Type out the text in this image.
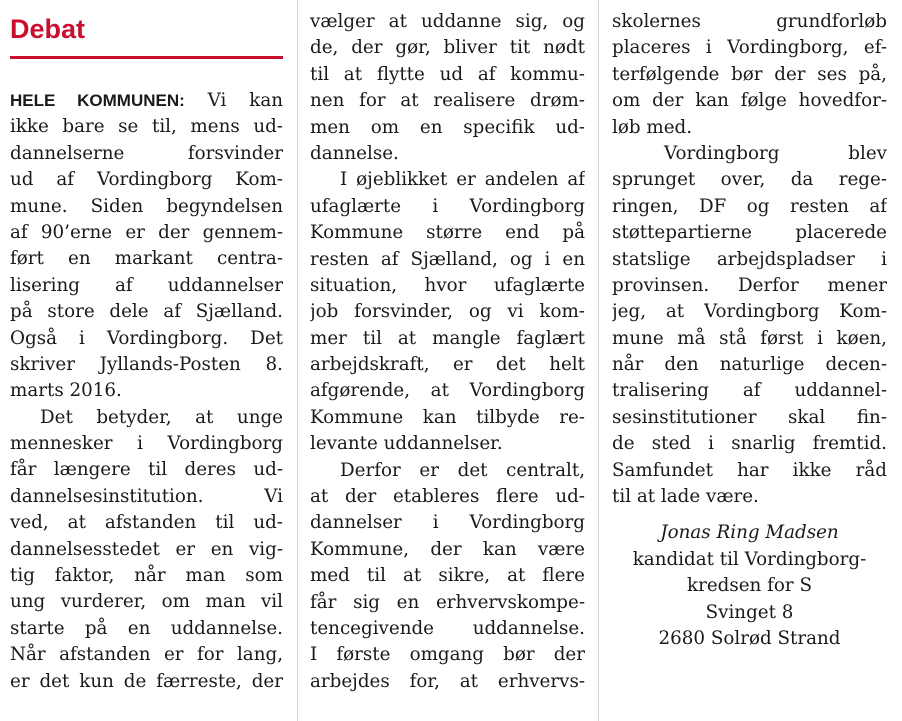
Debat
HELE KOMMUNEN: Vi kan
ikke bare se til, mens ud-
dannelserne forsvinder
ud af Vordingborg Kom-
mune. Siden begyndelsen
af 90’erne er der gennem-
ført en markant centra-
lisering af uddannelser
på store dele af Sjælland.
Også i Vordingborg. Det
skriver Jyllands-Posten 8.
marts 2016.
Det betyder, at unge
mennesker i Vordingborg
får længere til deres ud-
dannelsesinstitution. Vi
ved, at afstanden til ud-
dannelsesstedet er en vig-
tig faktor, når man som
ung vurderer, om man vil
starte på en uddannelse.
Når afstanden er for lang,
er det kun de færreste, der
vælger at uddanne sig, og
de, der gør, bliver tit nødt
til at flytte ud af kommu-
nen for at realisere drøm-
men om en specifik ud-
dannelse.
I øjeblikket er andelen af
ufaglærte i Vordingborg
Kommune større end på
resten af Sjælland, og i en
situation, hvor ufaglærte
job forsvinder, og vi kom-
mer til at mangle faglært
arbejdskraft, er det helt
afgørende, at Vordingborg
Kommune kan tilbyde re-
levante uddannelser.
Derfor er det centralt,
at der etableres flere ud-
dannelser i Vordingborg
Kommune, der kan være
med til at sikre, at flere
får sig en erhvervskompe-
tencegivende uddannelse.
I første omgang bør der
arbejdes for, at erhvervs-
skolernes grundforløb
placeres i Vordingborg, ef-
terfølgende bør der ses på,
om der kan følge hovedfor-
løb med.
Vordingborg blev
sprunget over, da rege-
ringen, DF og resten af
støttepartierne placerede
statslige arbejdspladser i
provinsen. Derfor mener
jeg, at Vordingborg Kom-
mune må stå først i køen,
når den naturlige decen-
tralisering af uddannel-
sesinstitutioner skal fin-
de sted i snarlig fremtid.
Samfundet har ikke råd
til at lade være.
Jonas Ring Madsen
kandidat til Vordingborg-
kredsen for S
Svinget 8
2680 Solrød Strand
